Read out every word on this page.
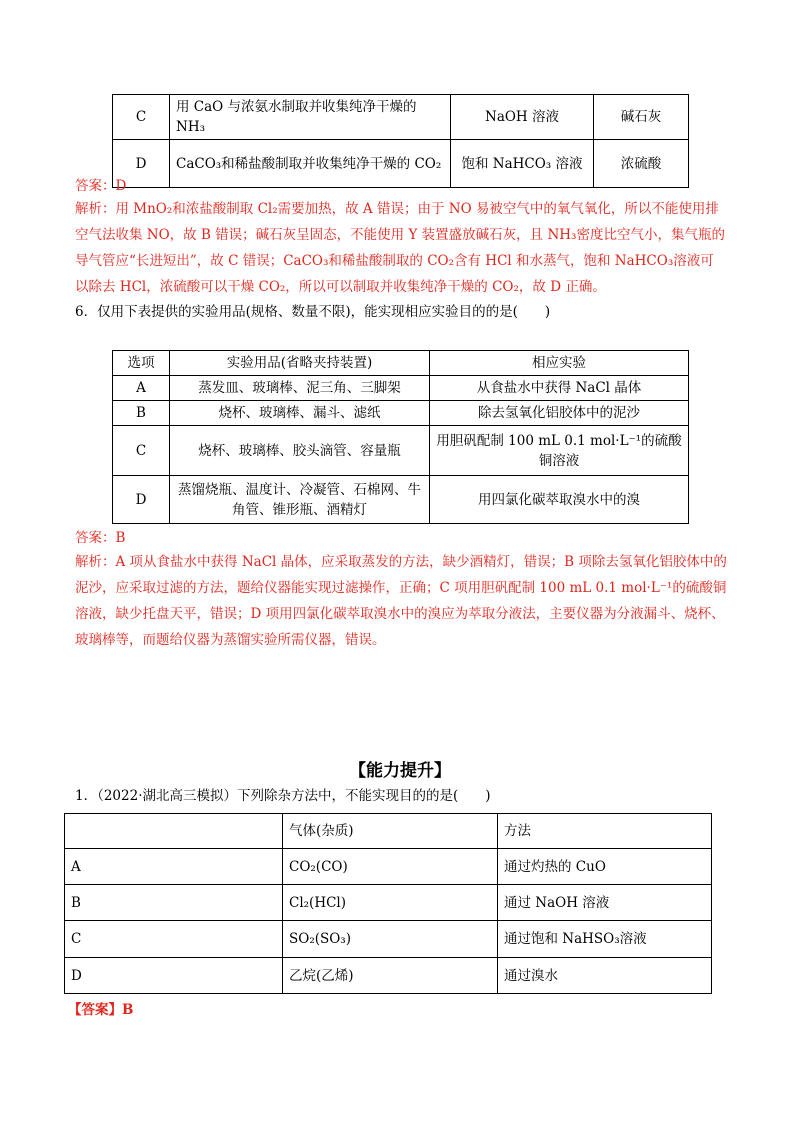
C	用 CaO 与浓氨水制取并收集纯净干燥的 NH₃	NaOH 溶液	碱石灰
D	CaCO₃和稀盐酸制取并收集纯净干燥的 CO₂	饱和 NaHCO₃ 溶液	浓硫酸
答案：D
解析：用 MnO₂和浓盐酸制取 Cl₂需要加热，故 A 错误；由于 NO 易被空气中的氧气氧化，所以不能使用排空气法收集 NO，故 B 错误；碱石灰呈固态，不能使用 Y 装置盛放碱石灰，且 NH₃密度比空气小，集气瓶的导气管应“长进短出”，故 C 错误；CaCO₃和稀盐酸制取的 CO₂含有 HCl 和水蒸气，饱和 NaHCO₃溶液可以除去 HCl，浓硫酸可以干燥 CO₂，所以可以制取并收集纯净干燥的 CO₂，故 D 正确。
6．仅用下表提供的实验用品(规格、数量不限)，能实现相应实验目的的是(　　)
选项	实验用品(省略夹持装置)	相应实验
A	蒸发皿、玻璃棒、泥三角、三脚架	从食盐水中获得 NaCl 晶体
B	烧杯、玻璃棒、漏斗、滤纸	除去氢氧化铝胶体中的泥沙
C	烧杯、玻璃棒、胶头滴管、容量瓶	用胆矾配制 100 mL 0.1 mol·L⁻¹的硫酸铜溶液
D	蒸馏烧瓶、温度计、冷凝管、石棉网、牛角管、锥形瓶、酒精灯	用四氯化碳萃取溴水中的溴
答案：B
解析：A 项从食盐水中获得 NaCl 晶体，应采取蒸发的方法，缺少酒精灯，错误；B 项除去氢氧化铝胶体中的泥沙，应采取过滤的方法，题给仪器能实现过滤操作，正确；C 项用胆矾配制 100 mL 0.1 mol·L⁻¹的硫酸铜溶液，缺少托盘天平，错误；D 项用四氯化碳萃取溴水中的溴应为萃取分液法，主要仪器为分液漏斗、烧杯、玻璃棒等，而题给仪器为蒸馏实验所需仪器，错误。
【能力提升】
1．（2022·湖北高三模拟）下列除杂方法中，不能实现目的的是(　　)
	气体(杂质)	方法
A	CO₂(CO)	通过灼热的 CuO
B	Cl₂(HCl)	通过 NaOH 溶液
C	SO₂(SO₃)	通过饱和 NaHSO₃溶液
D	乙烷(乙烯)	通过溴水
【答案】B
